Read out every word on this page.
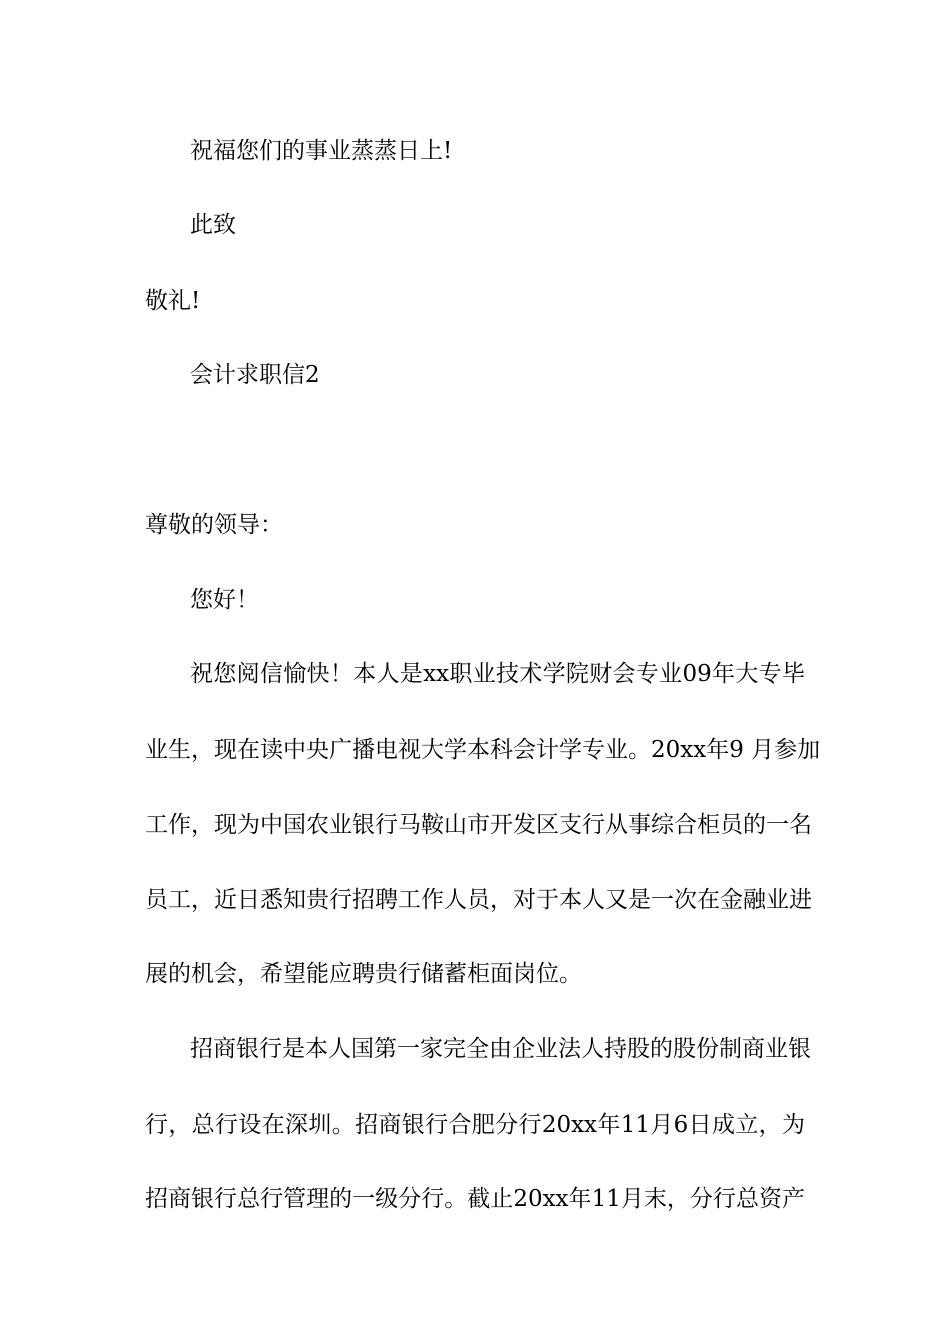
祝福您们的事业蒸蒸日上!
此致
敬礼!
会计求职信2
尊敬的领导：
您好！
祝您阅信愉快！本人是xx职业技术学院财会专业09年大专毕
业生，现在读中央广播电视大学本科会计学专业。20xx年9 月参加
工作，现为中国农业银行马鞍山市开发区支行从事综合柜员的一名
员工，近日悉知贵行招聘工作人员，对于本人又是一次在金融业进
展的机会，希望能应聘贵行储蓄柜面岗位。
招商银行是本人国第一家完全由企业法人持股的股份制商业银
行，总行设在深圳。招商银行合肥分行20xx年11月6日成立，为
招商银行总行管理的一级分行。截止20xx年11月末，分行总资产
